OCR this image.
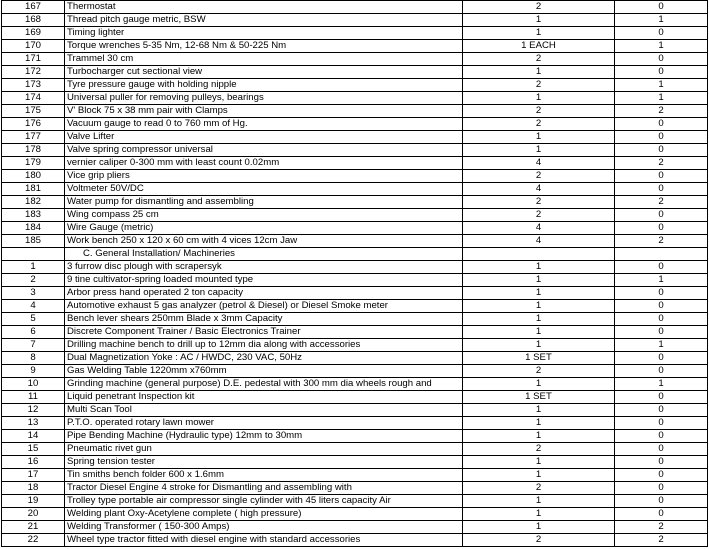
167	Thermostat	2	0
168	Thread pitch gauge metric, BSW	1	1
169	Timing lighter	1	0
170	Torque wrenches 5-35 Nm, 12-68 Nm & 50-225 Nm	1 EACH	1
171	Trammel 30 cm	2	0
172	Turbocharger cut sectional view	1	0
173	Tyre pressure gauge with holding nipple	2	1
174	Universal puller for removing pulleys, bearings	1	1
175	V' Block 75 x 38 mm pair with Clamps	2	2
176	Vacuum gauge to read 0 to 760 mm of Hg.	2	0
177	Valve Lifter	1	0
178	Valve spring compressor universal	1	0
179	vernier caliper 0-300 mm with least count 0.02mm	4	2
180	Vice grip pliers	2	0
181	Voltmeter 50V/DC	4	0
182	Water pump for dismantling and assembling	2	2
183	Wing compass 25 cm	2	0
184	Wire Gauge (metric)	4	0
185	Work bench 250 x 120 x 60 cm with 4 vices 12cm Jaw	4	2
	C. General Installation/ Machineries		
1	3 furrow disc plough with scrapersyk	1	0
2	9 tine cultivator-spring loaded mounted type	1	1
3	Arbor press hand operated 2 ton capacity	1	0
4	Automotive exhaust 5 gas analyzer (petrol & Diesel) or Diesel Smoke meter	1	0
5	Bench lever shears 250mm Blade x 3mm Capacity	1	0
6	Discrete Component Trainer / Basic Electronics Trainer	1	0
7	Drilling machine bench to drill up to 12mm dia along with accessories	1	1
8	Dual Magnetization Yoke : AC / HWDC, 230 VAC, 50Hz	1 SET	0
9	Gas Welding Table 1220mm x760mm	2	0
10	Grinding machine (general purpose) D.E. pedestal with 300 mm dia wheels rough and	1	1
11	Liquid penetrant Inspection kit	1 SET	0
12	Multi Scan Tool	1	0
13	P.T.O. operated rotary lawn mower	1	0
14	Pipe Bending Machine (Hydraulic type) 12mm to 30mm	1	0
15	Pneumatic rivet gun	2	0
16	Spring tension tester	1	0
17	Tin smiths bench folder 600 x 1.6mm	1	0
18	Tractor Diesel Engine 4 stroke for Dismantling and assembling with	2	0
19	Trolley type portable air compressor single cylinder with 45 liters capacity Air	1	0
20	Welding plant Oxy-Acetylene complete ( high pressure)	1	0
21	Welding Transformer ( 150-300 Amps)	1	2
22	Wheel type tractor fitted with diesel engine with standard accessories	2	2
